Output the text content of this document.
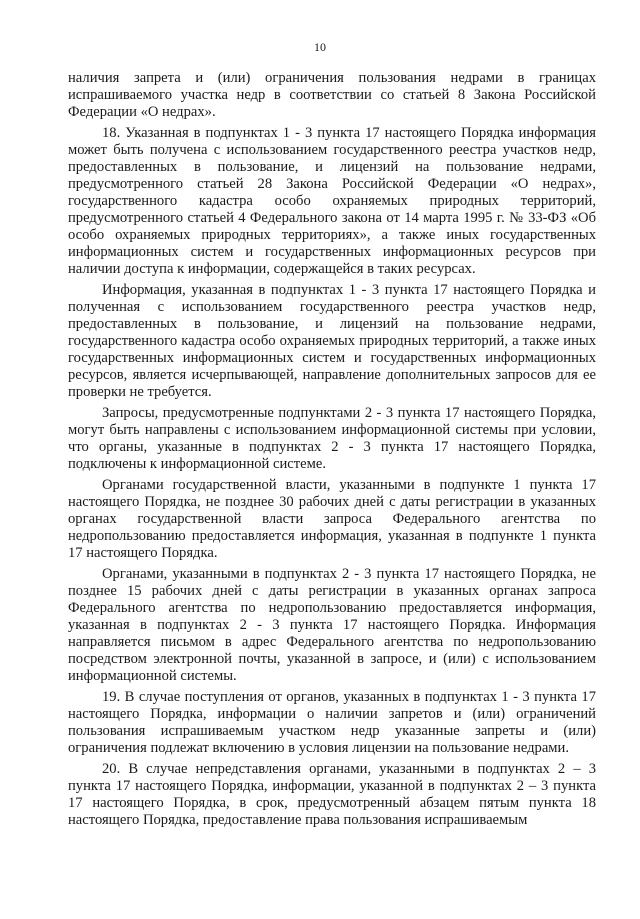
10

наличия запрета и (или) ограничения пользования недрами в границах испрашиваемого участка недр в соответствии со статьей 8 Закона Российской Федерации «О недрах».

18. Указанная в подпунктах 1 - 3 пункта 17 настоящего Порядка информация может быть получена с использованием государственного реестра участков недр, предоставленных в пользование, и лицензий на пользование недрами, предусмотренного статьей 28 Закона Российской Федерации «О недрах», государственного кадастра особо охраняемых природных территорий, предусмотренного статьей 4 Федерального закона от 14 марта 1995 г. № 33-ФЗ «Об особо охраняемых природных территориях», а также иных государственных информационных систем и государственных информационных ресурсов при наличии доступа к информации, содержащейся в таких ресурсах.

Информация, указанная в подпунктах 1 - 3 пункта 17 настоящего Порядка и полученная с использованием государственного реестра участков недр, предоставленных в пользование, и лицензий на пользование недрами, государственного кадастра особо охраняемых природных территорий, а также иных государственных информационных систем и государственных информационных ресурсов, является исчерпывающей, направление дополнительных запросов для ее проверки не требуется.

Запросы, предусмотренные подпунктами 2 - 3 пункта 17 настоящего Порядка, могут быть направлены с использованием информационной системы при условии, что органы, указанные в подпунктах 2 - 3 пункта 17 настоящего Порядка, подключены к информационной системе.

Органами государственной власти, указанными в подпункте 1 пункта 17 настоящего Порядка, не позднее 30 рабочих дней с даты регистрации в указанных органах государственной власти запроса Федерального агентства по недропользованию предоставляется информация, указанная в подпункте 1 пункта 17 настоящего Порядка.

Органами, указанными в подпунктах 2 - 3 пункта 17 настоящего Порядка, не позднее 15 рабочих дней с даты регистрации в указанных органах запроса Федерального агентства по недропользованию предоставляется информация, указанная в подпунктах 2 - 3 пункта 17 настоящего Порядка. Информация направляется письмом в адрес Федерального агентства по недропользованию посредством электронной почты, указанной в запросе, и (или) с использованием информационной системы.

19. В случае поступления от органов, указанных в подпунктах 1 - 3 пункта 17 настоящего Порядка, информации о наличии запретов и (или) ограничений пользования испрашиваемым участком недр указанные запреты и (или) ограничения подлежат включению в условия лицензии на пользование недрами.

20. В случае непредставления органами, указанными в подпунктах 2 – 3 пункта 17 настоящего Порядка, информации, указанной в подпунктах 2 – 3 пункта 17 настоящего Порядка, в срок, предусмотренный абзацем пятым пункта 18 настоящего Порядка, предоставление права пользования испрашиваемым
